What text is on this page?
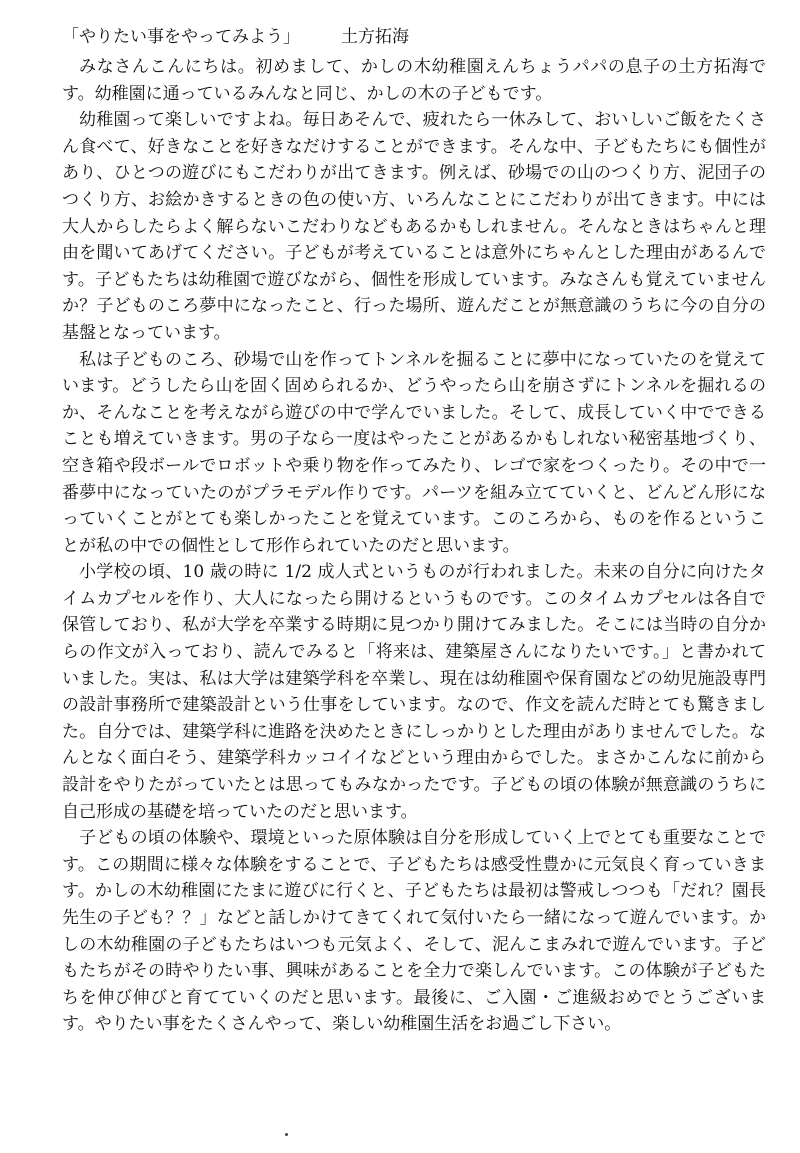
「やりたい事をやってみよう」 土方拓海

みなさんこんにちは。初めまして、かしの木幼稚園えんちょうパパの息子の土方拓海です。幼稚園に通っているみんなと同じ、かしの木の子どもです。

幼稚園って楽しいですよね。毎日あそんで、疲れたら一休みして、おいしいご飯をたくさん食べて、好きなことを好きなだけすることができます。そんな中、子どもたちにも個性があり、ひとつの遊びにもこだわりが出てきます。例えば、砂場での山のつくり方、泥団子のつくり方、お絵かきするときの色の使い方、いろんなことにこだわりが出てきます。中には大人からしたらよく解らないこだわりなどもあるかもしれません。そんなときはちゃんと理由を聞いてあげてください。子どもが考えていることは意外にちゃんとした理由があるんです。子どもたちは幼稚園で遊びながら、個性を形成しています。みなさんも覚えていませんか？子どものころ夢中になったこと、行った場所、遊んだことが無意識のうちに今の自分の基盤となっています。

私は子どものころ、砂場で山を作ってトンネルを掘ることに夢中になっていたのを覚えています。どうしたら山を固く固められるか、どうやったら山を崩さずにトンネルを掘れるのか、そんなことを考えながら遊びの中で学んでいました。そして、成長していく中でできることも増えていきます。男の子なら一度はやったことがあるかもしれない秘密基地づくり、空き箱や段ボールでロボットや乗り物を作ってみたり、レゴで家をつくったり。その中で一番夢中になっていたのがプラモデル作りです。パーツを組み立てていくと、どんどん形になっていくことがとても楽しかったことを覚えています。このころから、ものを作るということが私の中での個性として形作られていたのだと思います。

小学校の頃、10 歳の時に 1/2 成人式というものが行われました。未来の自分に向けたタイムカプセルを作り、大人になったら開けるというものです。このタイムカプセルは各自で保管しており、私が大学を卒業する時期に見つかり開けてみました。そこには当時の自分からの作文が入っており、読んでみると「将来は、建築屋さんになりたいです。」と書かれていました。実は、私は大学は建築学科を卒業し、現在は幼稚園や保育園などの幼児施設専門の設計事務所で建築設計という仕事をしています。なので、作文を読んだ時とても驚きました。自分では、建築学科に進路を決めたときにしっかりとした理由がありませんでした。なんとなく面白そう、建築学科カッコイイなどという理由からでした。まさかこんなに前から設計をやりたがっていたとは思ってもみなかったです。子どもの頃の体験が無意識のうちに自己形成の基礎を培っていたのだと思います。

子どもの頃の体験や、環境といった原体験は自分を形成していく上でとても重要なことです。この期間に様々な体験をすることで、子どもたちは感受性豊かに元気良く育っていきます。かしの木幼稚園にたまに遊びに行くと、子どもたちは最初は警戒しつつも「だれ？園長先生の子ども？？」などと話しかけてきてくれて気付いたら一緒になって遊んでいます。かしの木幼稚園の子どもたちはいつも元気よく、そして、泥んこまみれで遊んでいます。子どもたちがその時やりたい事、興味があることを全力で楽しんでいます。この体験が子どもたちを伸び伸びと育てていくのだと思います。最後に、ご入園・ご進級おめでとうございます。やりたい事をたくさんやって、楽しい幼稚園生活をお過ごし下さい。
